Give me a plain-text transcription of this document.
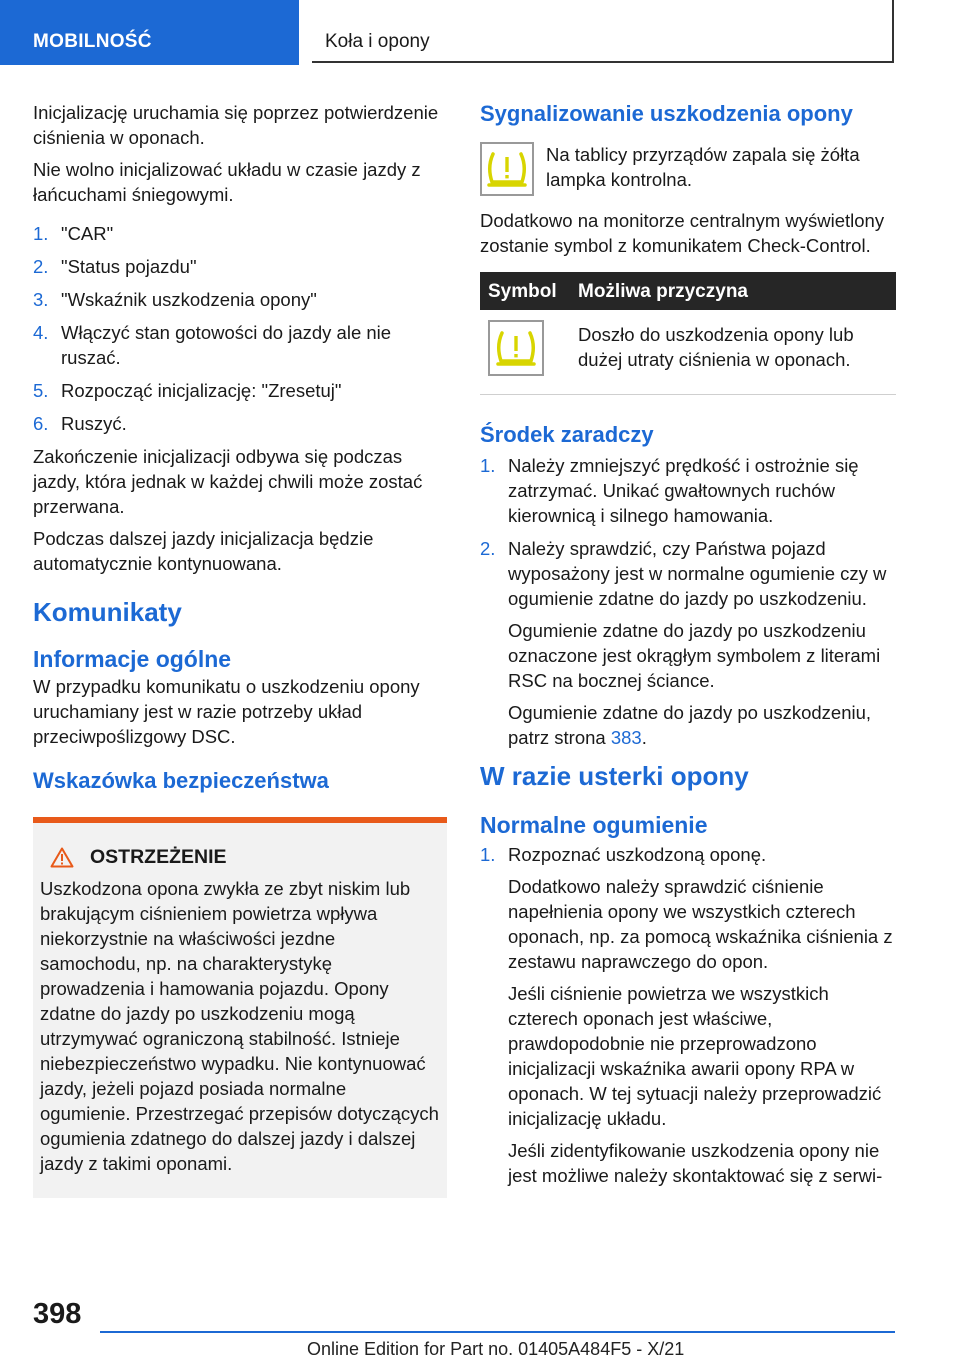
MOBILNOŚĆ	Koła i opony

Inicjalizację uruchamia się poprzez potwierdzenie ciśnienia w oponach.

Nie wolno inicjalizować układu w czasie jazdy z łańcuchami śniegowymi.

1. "CAR"
2. "Status pojazdu"
3. "Wskaźnik uszkodzenia opony"
4. Włączyć stan gotowości do jazdy ale nie ruszać.
5. Rozpocząć inicjalizację: "Zresetuj"
6. Ruszyć.

Zakończenie inicjalizacji odbywa się podczas jazdy, która jednak w każdej chwili może zostać przerwana.

Podczas dalszej jazdy inicjalizacja będzie automatycznie kontynuowana.

Komunikaty
Informacje ogólne

W przypadku komunikatu o uszkodzeniu opony uruchamiany jest w razie potrzeby układ przeciwpoślizgowy DSC.

Wskazówka bezpieczeństwa
OSTRZEŻENIE
Uszkodzona opona zwykła ze zbyt niskim lub brakującym ciśnieniem powietrza wpływa niekorzystnie na właściwości jezdne samochodu, np. na charakterystykę prowadzenia i hamowania pojazdu. Opony zdatne do jazdy po uszkodzeniu mogą utrzymywać ograniczoną stabilność. Istnieje niebezpieczeństwo wypadku. Nie kontynuować jazdy, jeżeli pojazd posiada normalne ogumienie. Przestrzegać przepisów dotyczących ogumienia zdatnego do dalszej jazdy i dalszej jazdy z takimi oponami.
Sygnalizowanie uszkodzenia opony
Na tablicy przyrządów zapala się żółta lampka kontrolna.

Dodatkowo na monitorze centralnym wyświetlony zostanie symbol z komunikatem Check-Control.

Symbol	Możliwa przyczyna

	Doszło do uszkodzenia opony lub dużej utraty ciśnienia w oponach.
Środek zaradczy
1. Należy zmniejszyć prędkość i ostrożnie się zatrzymać. Unikać gwałtownych ruchów kierownicą i silnego hamowania.

2. Należy sprawdzić, czy Państwa pojazd wyposażony jest w normalne ogumienie czy w ogumienie zdatne do jazdy po uszkodzeniu.

Ogumienie zdatne do jazdy po uszkodzeniu oznaczone jest okrągłym symbolem z literami RSC na bocznej ściance.

Ogumienie zdatne do jazdy po uszkodzeniu, patrz strona 383.

W razie usterki opony
Normalne ogumienie
1. Rozpoznać uszkodzoną oponę.

Dodatkowo należy sprawdzić ciśnienie napełnienia opony we wszystkich czterech oponach, np. za pomocą wskaźnika ciśnienia z zestawu naprawczego do opon.

Jeśli ciśnienie powietrza we wszystkich czterech oponach jest właściwe, prawdopodobnie nie przeprowadzono inicjalizacji wskaźnika awarii opony RPA w oponach. W tej sytuacji należy przeprowadzić inicjalizację układu.

Jeśli zidentyfikowanie uszkodzenia opony nie jest możliwe należy skontaktować się z serwi-

398
Online Edition for Part no. 01405A484F5 - X/21
